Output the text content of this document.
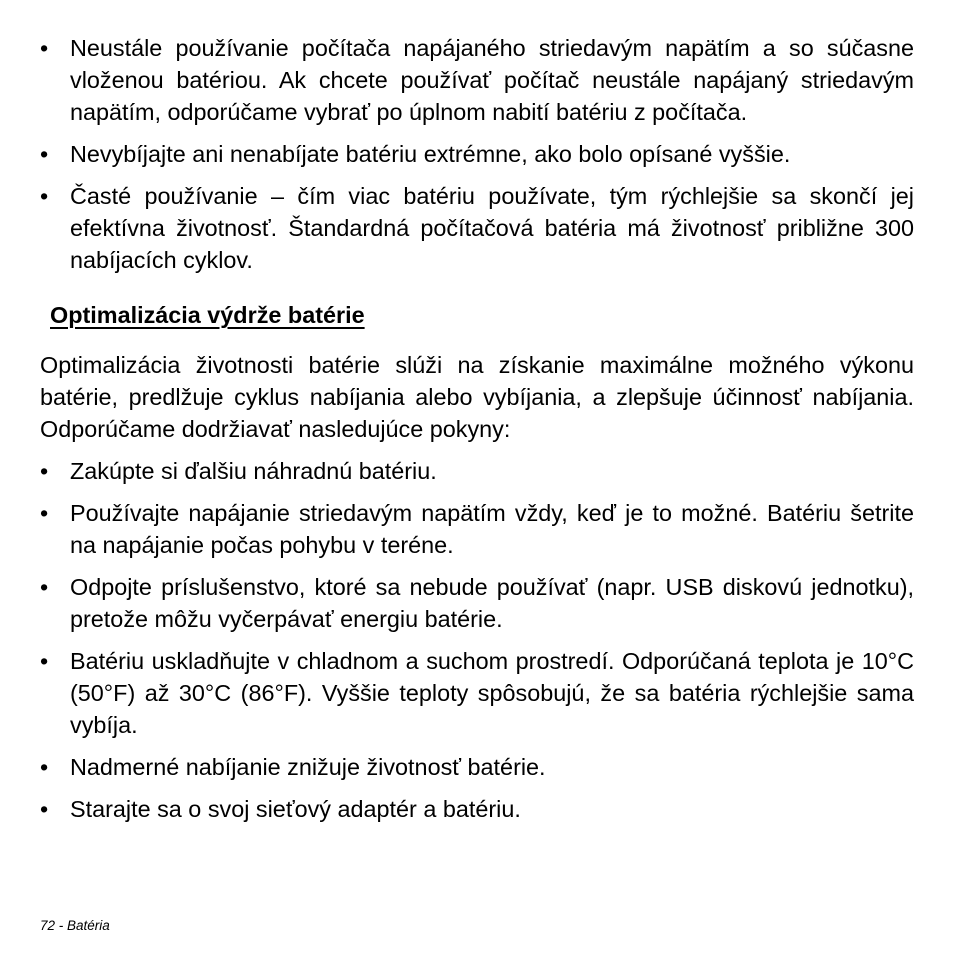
• Neustále používanie počítača napájaného striedavým napätím a so súčasne vloženou batériou. Ak chcete používať počítač neustále napájaný striedavým napätím, odporúčame vybrať po úplnom nabití batériu z počítača.
• Nevybíjajte ani nenabíjate batériu extrémne, ako bolo opísané vyššie.
• Časté používanie – čím viac batériu používate, tým rýchlejšie sa skončí jej efektívna životnosť. Štandardná počítačová batéria má životnosť približne 300 nabíjacích cyklov.
Optimalizácia výdrže batérie

Optimalizácia životnosti batérie slúži na získanie maximálne možného výkonu batérie, predlžuje cyklus nabíjania alebo vybíjania, a zlepšuje účinnosť nabíjania. Odporúčame dodržiavať nasledujúce pokyny:

• Zakúpte si ďalšiu náhradnú batériu.
• Používajte napájanie striedavým napätím vždy, keď je to možné. Batériu šetrite na napájanie počas pohybu v teréne.
• Odpojte príslušenstvo, ktoré sa nebude používať (napr. USB diskovú jednotku), pretože môžu vyčerpávať energiu batérie.
• Batériu uskladňujte v chladnom a suchom prostredí. Odporúčaná teplota je 10°C (50°F) až 30°C (86°F). Vyššie teploty spôsobujú, že sa batéria rýchlejšie sama vybíja.
• Nadmerné nabíjanie znižuje životnosť batérie.
• Starajte sa o svoj sieťový adaptér a batériu.
72 - Batéria
